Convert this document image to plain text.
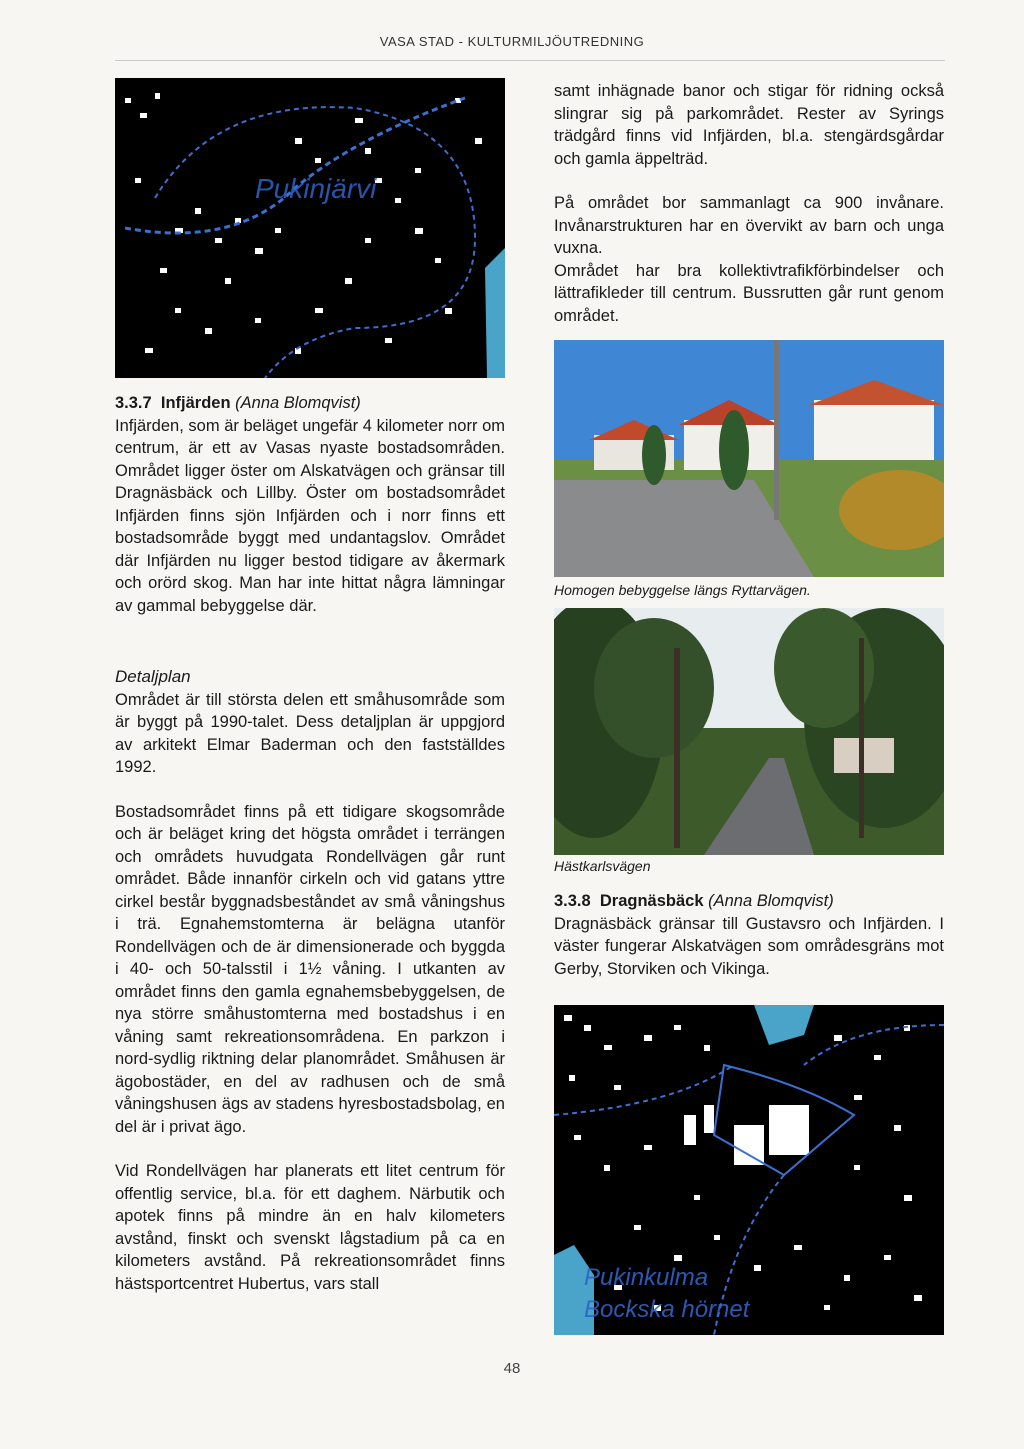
VASA STAD - KULTURMILJÖUTREDNING
Pukinjärvi

samt inhägnade banor och stigar för ridning också slingrar sig på parkområdet. Rester av Syrings trädgård finns vid Infjärden, bl.a. stengärdsgårdar och gamla äppelträd.

På området bor sammanlagt ca 900 invånare. Invånarstrukturen har en övervikt av barn och unga vuxna.

Området har bra kollektivtrafikförbindelser och lättrafikleder till centrum. Bussrutten går runt genom området.

Homogen bebyggelse längs Ryttarvägen.

3.3.7 Infjärden (Anna Blomqvist)

Infjärden, som är beläget ungefär 4 kilometer norr om centrum, är ett av Vasas nyaste bostadsområden. Området ligger öster om Alskatvägen och gränsar till Dragnäsbäck och Lillby. Öster om bostadsområdet Infjärden finns sjön Infjärden och i norr finns ett bostadsområde byggt med undantagslov. Området där Infjärden nu ligger bestod tidigare av åkermark och orörd skog. Man har inte hittat några lämningar av gammal bebyggelse där.

Detaljplan

Området är till största delen ett småhusområde som är byggt på 1990-talet. Dess detaljplan är uppgjord av arkitekt Elmar Baderman och den fastställdes 1992.

Bostadsområdet finns på ett tidigare skogsområde och är beläget kring det högsta området i terrängen och områdets huvudgata Rondellvägen går runt området. Både innanför cirkeln och vid gatans yttre cirkel består byggnadsbeståndet av små våningshus i trä. Egnahemstomterna är belägna utanför Rondellvägen och de är dimensionerade och byggda i 40- och 50-talsstil i 1½ våning. I utkanten av området finns den gamla egnahemsbebyggelsen, de nya större småhustomterna med bostadshus i en våning samt rekreationsområdena. En parkzon i nord-sydlig riktning delar planområdet. Småhusen är ägobostäder, en del av radhusen och de små våningshusen ägs av stadens hyresbostadsbolag, en del är i privat ägo.

Vid Rondellvägen har planerats ett litet centrum för offentlig service, bl.a. för ett daghem. Närbutik och apotek finns på mindre än en halv kilometers avstånd, finskt och svenskt lågstadium på ca en kilometers avstånd. På rekreationsområdet finns hästsportcentret Hubertus, vars stall

Hästkarlsvägen

3.3.8 Dragnäsbäck (Anna Blomqvist)

Dragnäsbäck gränsar till Gustavsro och Infjärden. I väster fungerar Alskatvägen som områdesgräns mot Gerby, Storviken och Vikinga.

Pukinkulma
Bockska hörnet
48
